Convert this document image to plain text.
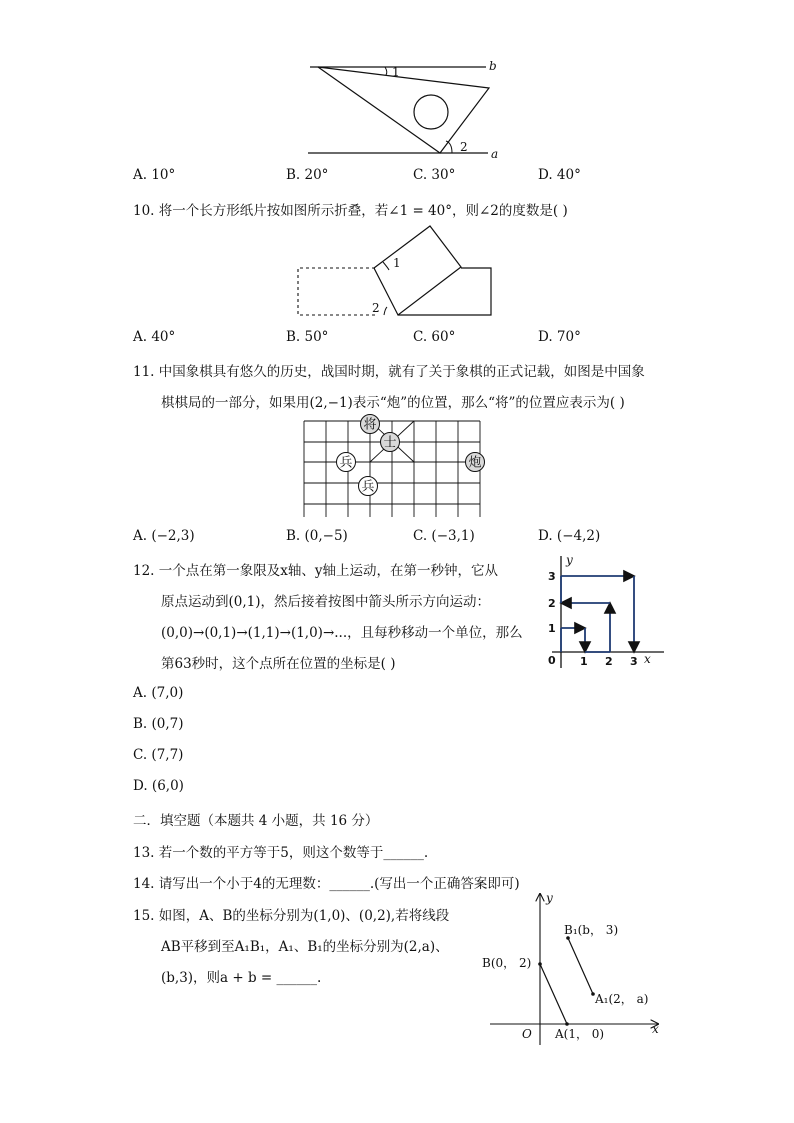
1
2
b
a
A. 10°	B. 20°	C. 30°	D. 40°
10. 将一个长方形纸片按如图所示折叠，若∠1 = 40°，则∠2的度数是( )
1
2
A. 40°	B. 50°	C. 60°	D. 70°
11. 中国象棋具有悠久的历史，战国时期，就有了关于象棋的正式记载，如图是中国象
棋棋局的一部分，如果用(2,−1)表示“炮”的位置，那么“将”的位置应表示为( )
将
士
兵	炮
兵
A. (−2,3)	B. (0,−5)	C. (−3,1)	D. (−4,2)
12. 一个点在第一象限及x轴、y轴上运动，在第一秒钟，它从
原点运动到(0,1)，然后接着按图中箭头所示方向运动：
(0,0)→(0,1)→(1,1)→(1,0)→...，且每秒移动一个单位，那么
第63秒时，这个点所在位置的坐标是( )
y
x
0 1 2 3
1
2
3
A. (7,0)
B. (0,7)
C. (7,7)
D. (6,0)
二．填空题（本题共 4 小题，共 16 分）
13. 若一个数的平方等于5，则这个数等于______.
14. 请写出一个小于4的无理数：______.(写出一个正确答案即可)
15. 如图，A、B的坐标分别为(1,0)、(0,2),若将线段
AB平移到至A₁B₁，A₁、B₁的坐标分别为(2,a)、
(b,3)，则a + b = ______.
y
x
O
B(0， 2)
A(1， 0)
B₁(b， 3)
A₁(2， a)
